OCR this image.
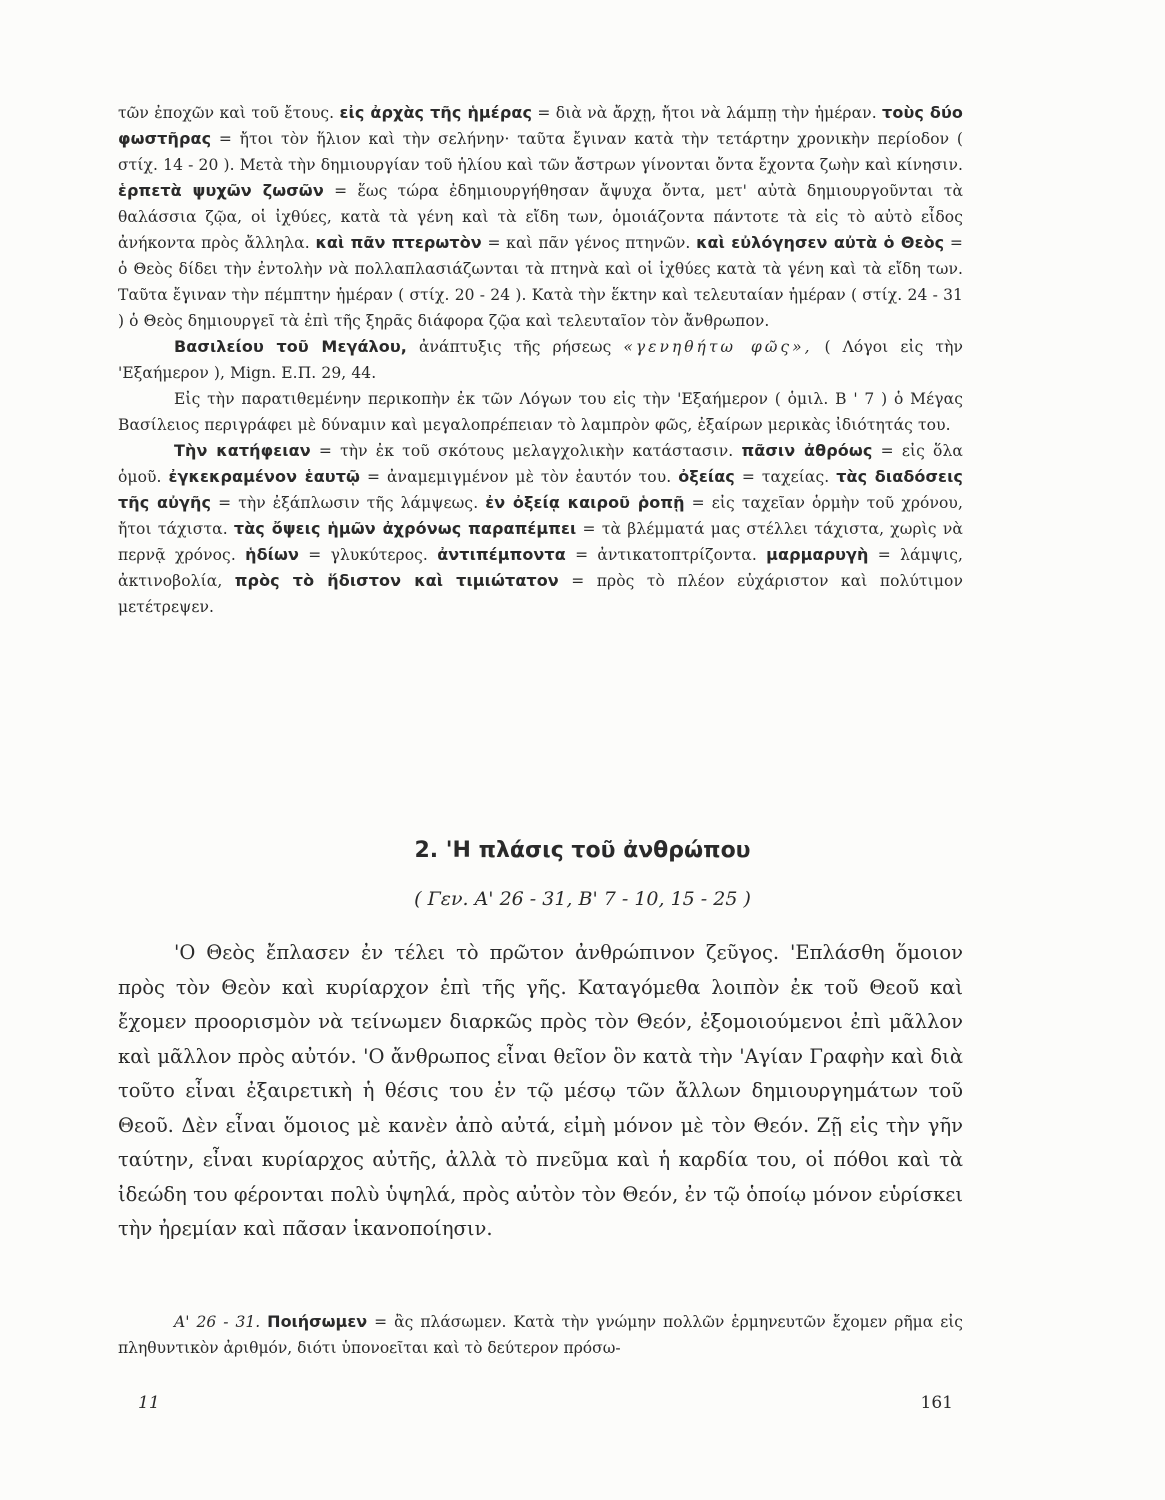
τῶν ἐποχῶν καὶ τοῦ ἔτους. εἰς ἀρχὰς τῆς ἡμέρας = διὰ νὰ ἄρχῃ, ἤτοι νὰ λάμπῃ τὴν ἡμέραν. τοὺς δύο φωστῆρας = ἤτοι τὸν ἥλιον καὶ τὴν σελήνην· ταῦτα ἔγιναν κατὰ τὴν τετάρτην χρονικὴν περίοδον ( στίχ. 14 - 20 ). Μετὰ τὴν δημιουργίαν τοῦ ἡλίου καὶ τῶν ἄστρων γίνονται ὄντα ἔχοντα ζωὴν καὶ κίνησιν. ἑρπετὰ ψυχῶν ζωσῶν = ἕως τώρα ἐδημιουργήθησαν ἄψυχα ὄντα, μετ' αὐτὰ δημιουργοῦνται τὰ θαλάσσια ζῷα, οἱ ἰχθύες, κατὰ τὰ γένη καὶ τὰ εἴδη των, ὁμοιάζοντα πάντοτε τὰ εἰς τὸ αὐτὸ εἶδος ἀνήκοντα πρὸς ἄλληλα. καὶ πᾶν πτερωτὸν = καὶ πᾶν γένος πτηνῶν. καὶ εὐλόγησεν αὐτὰ ὁ Θεὸς = ὁ Θεὸς δίδει τὴν ἐντολὴν νὰ πολλαπλασιάζωνται τὰ πτηνὰ καὶ οἱ ἰχθύες κατὰ τὰ γένη καὶ τὰ εἴδη των. Ταῦτα ἔγιναν τὴν πέμπτην ἡμέραν ( στίχ. 20 - 24 ). Κατὰ τὴν ἕκτην καὶ τελευταίαν ἡμέραν ( στίχ. 24 - 31 ) ὁ Θεὸς δημιουργεῖ τὰ ἐπὶ τῆς ξηρᾶς διάφορα ζῷα καὶ τελευταῖον τὸν ἄνθρωπον.

Βασιλείου τοῦ Μεγάλου, ἀνάπτυξις τῆς ρήσεως «γενηθήτω φῶς», ( Λόγοι εἰς τὴν 'Εξαήμερον ), Mign. Ε.Π. 29, 44.

Εἰς τὴν παρατιθεμένην περικοπὴν ἐκ τῶν Λόγων του εἰς τὴν 'Εξαήμερον ( ὁμιλ. Β ' 7 ) ὁ Μέγας Βασίλειος περιγράφει μὲ δύναμιν καὶ μεγαλοπρέπειαν τὸ λαμπρὸν φῶς, ἐξαίρων μερικὰς ἰδιότητάς του.

Τὴν κατήφειαν = τὴν ἐκ τοῦ σκότους μελαγχολικὴν κατάστασιν. πᾶσιν ἀθρόως = εἰς ὅλα ὁμοῦ. ἐγκεκραμένον ἑαυτῷ = ἀναμεμιγμένον μὲ τὸν ἑαυτόν του. ὀξείας = ταχείας. τὰς διαδόσεις τῆς αὐγῆς = τὴν ἐξάπλωσιν τῆς λάμψεως. ἐν ὀξείᾳ καιροῦ ῥοπῇ = εἰς ταχεῖαν ὁρμὴν τοῦ χρόνου, ἤτοι τάχιστα. τὰς ὄψεις ἡμῶν ἀχρόνως παραπέμπει = τὰ βλέμματά μας στέλλει τάχιστα, χωρὶς νὰ περνᾷ χρόνος. ἡδίων = γλυκύτερος. ἀντιπέμποντα = ἀντικατοπτρίζοντα. μαρμαρυγὴ = λάμψις, ἀκτινοβολία, πρὸς τὸ ἥδιστον καὶ τιμιώτατον = πρὸς τὸ πλέον εὐχάριστον καὶ πολύτιμον μετέτρεψεν.

2. 'Η πλάσις τοῦ ἀνθρώπου
( Γεν. Α' 26 - 31, Β' 7 - 10, 15 - 25 )

'Ο Θεὸς ἔπλασεν ἐν τέλει τὸ πρῶτον ἀνθρώπινον ζεῦγος. 'Επλάσθη ὅμοιον πρὸς τὸν Θεὸν καὶ κυρίαρχον ἐπὶ τῆς γῆς. Καταγόμεθα λοιπὸν ἐκ τοῦ Θεοῦ καὶ ἔχομεν προορισμὸν νὰ τείνωμεν διαρκῶς πρὸς τὸν Θεόν, ἐξομοιούμενοι ἐπὶ μᾶλλον καὶ μᾶλλον πρὸς αὐτόν. 'Ο ἄνθρωπος εἶναι θεῖον ὃν κατὰ τὴν 'Αγίαν Γραφὴν καὶ διὰ τοῦτο εἶναι ἐξαιρετικὴ ἡ θέσις του ἐν τῷ μέσῳ τῶν ἄλλων δημιουργημάτων τοῦ Θεοῦ. Δὲν εἶναι ὅμοιος μὲ κανὲν ἀπὸ αὐτά, εἰμὴ μόνον μὲ τὸν Θεόν. Ζῇ εἰς τὴν γῆν ταύτην, εἶναι κυρίαρχος αὐτῆς, ἀλλὰ τὸ πνεῦμα καὶ ἡ καρδία του, οἱ πόθοι καὶ τὰ ἰδεώδη του φέρονται πολὺ ὑψηλά, πρὸς αὐτὸν τὸν Θεόν, ἐν τῷ ὁποίῳ μόνον εὑρίσκει τὴν ἠρεμίαν καὶ πᾶσαν ἱκανοποίησιν.

Α' 26 - 31. Ποιήσωμεν = ἂς πλάσωμεν. Κατὰ τὴν γνώμην πολλῶν ἑρμηνευτῶν ἔχομεν ρῆμα εἰς πληθυντικὸν ἀριθμόν, διότι ὑπονοεῖται καὶ τὸ δεύτερον πρόσω-

11	161
